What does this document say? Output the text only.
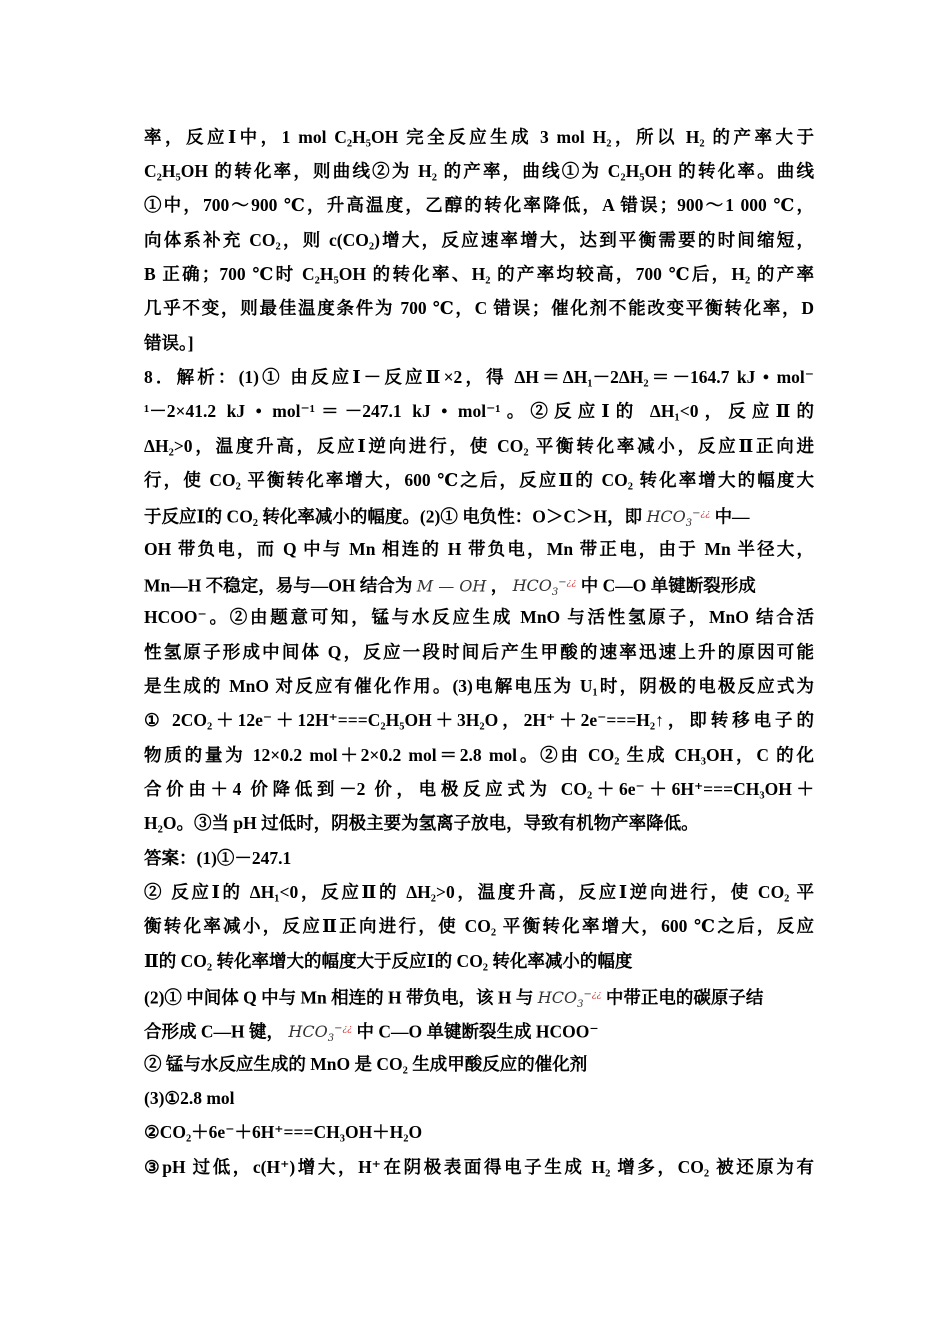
率，反应Ⅰ中，1 mol C₂H₅OH 完全反应生成 3 mol H₂，所以 H₂ 的产率大于
C₂H₅OH 的转化率，则曲线②为 H₂ 的产率，曲线①为 C₂H₅OH 的转化率。曲线
①中，700～900 ℃，升高温度，乙醇的转化率降低，A 错误；900～1 000 ℃，
向体系补充 CO₂，则 c(CO₂)增大，反应速率增大，达到平衡需要的时间缩短，
B 正确；700 ℃时 C₂H₅OH 的转化率、H₂ 的产率均较高，700 ℃后，H₂ 的产率
几乎不变，则最佳温度条件为 700 ℃，C 错误；催化剂不能改变平衡转化率，D
错误。]
8．解析：(1)① 由反应Ⅰ－反应Ⅱ×2，得 ΔH＝ΔH₁－2ΔH₂＝－164.7 kJ • mol⁻
¹－2×41.2 kJ • mol⁻¹＝－247.1 kJ • mol⁻¹。②反应Ⅰ的 ΔH₁<0，反应Ⅱ的
ΔH₂>0，温度升高，反应Ⅰ逆向进行，使 CO₂ 平衡转化率减小，反应Ⅱ正向进
行，使 CO₂ 平衡转化率增大，600 ℃之后，反应Ⅱ的 CO₂ 转化率增大的幅度大
于反应Ⅰ的 CO₂ 转化率减小的幅度。(2)① 电负性：O＞C＞H，即 $HCO_3^{-¿¿}$ 中—
OH 带负电，而 Q 中与 Mn 相连的 H 带负电，Mn 带正电，由于 Mn 半径大，
Mn—H 不稳定，易与—OH 结合为 M — OH ， $HCO_3^{-¿¿}$ 中 C—O 单键断裂形成
HCOO⁻。②由题意可知，锰与水反应生成 MnO 与活性氢原子，MnO 结合活
性氢原子形成中间体 Q，反应一段时间后产生甲酸的速率迅速上升的原因可能
是生成的 MnO 对反应有催化作用。(3)电解电压为 U₁时，阴极的电极反应式为
① 2CO₂＋12e⁻＋12H⁺===C₂H₅OH＋3H₂O，2H⁺＋2e⁻===H₂↑，即转移电子的
物质的量为 12×0.2 mol＋2×0.2 mol＝2.8 mol。②由 CO₂ 生成 CH₃OH，C 的化
合价由＋4 价降低到－2 价，电极反应式为 CO₂＋6e⁻＋6H⁺===CH₃OH＋
H₂O。③当 pH 过低时，阴极主要为氢离子放电，导致有机物产率降低。
答案：(1)①－247.1
② 反应Ⅰ的 ΔH₁<0，反应Ⅱ的 ΔH₂>0，温度升高，反应Ⅰ逆向进行，使 CO₂ 平
衡转化率减小，反应Ⅱ正向进行，使 CO₂ 平衡转化率增大，600 ℃之后，反应
Ⅱ的 CO₂ 转化率增大的幅度大于反应Ⅰ的 CO₂ 转化率减小的幅度
(2)① 中间体 Q 中与 Mn 相连的 H 带负电，该 H 与 $HCO_3^{-¿¿}$ 中带正电的碳原子结
合形成 C—H 键， $HCO_3^{-¿¿}$ 中 C—O 单键断裂生成 HCOO⁻
② 锰与水反应生成的 MnO 是 CO₂ 生成甲酸反应的催化剂
(3)①2.8 mol
②CO₂＋6e⁻＋6H⁺===CH₃OH＋H₂O
③pH 过低，c(H⁺)增大，H⁺在阴极表面得电子生成 H₂ 增多，CO₂ 被还原为有
